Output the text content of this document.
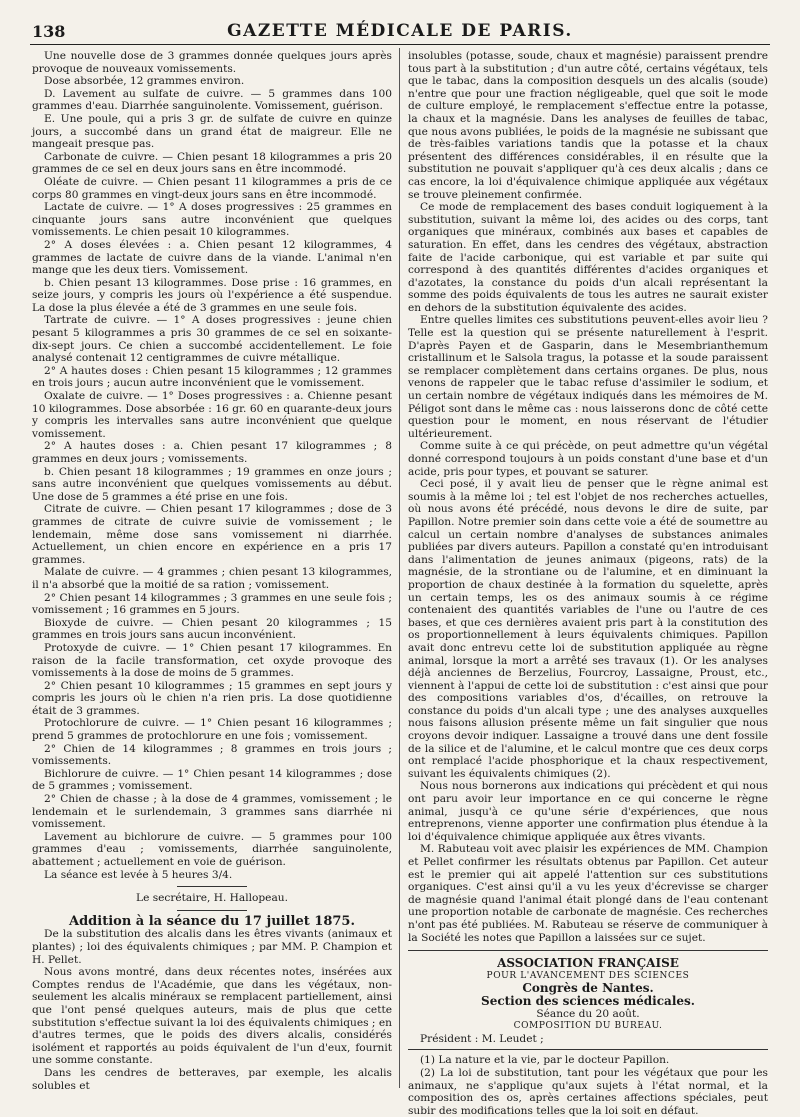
138	GAZETTE MÉDICALE DE PARIS.

Une nouvelle dose de 3 grammes donnée quelques jours après provoque de nouveaux vomissements.

Dose absorbée, 12 grammes environ.

D. Lavement au sulfate de cuivre. — 5 grammes dans 100 grammes d'eau. Diarrhée sanguinolente. Vomissement, guérison.

E. Une poule, qui a pris 3 gr. de sulfate de cuivre en quinze jours, a succombé dans un grand état de maigreur. Elle ne mangeait presque pas.

Carbonate de cuivre. — Chien pesant 18 kilogrammes a pris 20 grammes de ce sel en deux jours sans en être incommodé.

Oléate de cuivre. — Chien pesant 11 kilogrammes a pris de ce corps 80 grammes en vingt-deux jours sans en être incommodé.

Lactate de cuivre. — 1° A doses progressives : 25 grammes en cinquante jours sans autre inconvénient que quelques vomissements. Le chien pesait 10 kilogrammes.

2° A doses élevées : a. Chien pesant 12 kilogrammes, 4 grammes de lactate de cuivre dans de la viande. L'animal n'en mange que les deux tiers. Vomissement.

b. Chien pesant 13 kilogrammes. Dose prise : 16 grammes, en seize jours, y compris les jours où l'expérience a été suspendue. La dose la plus élevée a été de 3 grammes en une seule fois.

Tartrate de cuivre. — 1° A doses progressives : jeune chien pesant 5 kilogrammes a pris 30 grammes de ce sel en soixante-dix-sept jours. Ce chien a succombé accidentellement. Le foie analysé contenait 12 centigrammes de cuivre métallique.

2° A hautes doses : Chien pesant 15 kilogrammes ; 12 grammes en trois jours ; aucun autre inconvénient que le vomissement.

Oxalate de cuivre. — 1° Doses progressives : a. Chienne pesant 10 kilogrammes. Dose absorbée : 16 gr. 60 en quarante-deux jours y compris les intervalles sans autre inconvénient que quelque vomissement.

2° A hautes doses : a. Chien pesant 17 kilogrammes ; 8 grammes en deux jours ; vomissements.

b. Chien pesant 18 kilogrammes ; 19 grammes en onze jours ; sans autre inconvénient que quelques vomissements au début. Une dose de 5 grammes a été prise en une fois.

Citrate de cuivre. — Chien pesant 17 kilogrammes ; dose de 3 grammes de citrate de cuivre suivie de vomissement ; le lendemain, même dose sans vomissement ni diarrhée. Actuellement, un chien encore en expérience en a pris 17 grammes.

Malate de cuivre. — 4 grammes ; chien pesant 13 kilogrammes, il n'a absorbé que la moitié de sa ration ; vomissement.

2° Chien pesant 14 kilogrammes ; 3 grammes en une seule fois ; vomissement ; 16 grammes en 5 jours.

Bioxyde de cuivre. — Chien pesant 20 kilogrammes ; 15 grammes en trois jours sans aucun inconvénient.

Protoxyde de cuivre. — 1° Chien pesant 17 kilogrammes. En raison de la facile transformation, cet oxyde provoque des vomissements à la dose de moins de 5 grammes.

2° Chien pesant 10 kilogrammes ; 15 grammes en sept jours y compris les jours où le chien n'a rien pris. La dose quotidienne était de 3 grammes.

Protochlorure de cuivre. — 1° Chien pesant 16 kilogrammes ; prend 5 grammes de protochlorure en une fois ; vomissement.

2° Chien de 14 kilogrammes ; 8 grammes en trois jours ; vomissements.

Bichlorure de cuivre. — 1° Chien pesant 14 kilogrammes ; dose de 5 grammes ; vomissement.

2° Chien de chasse ; à la dose de 4 grammes, vomissement ; le lendemain et le surlendemain, 3 grammes sans diarrhée ni vomissement.

Lavement au bichlorure de cuivre. — 5 grammes pour 100 grammes d'eau ; vomissements, diarrhée sanguinolente, abattement ; actuellement en voie de guérison.

La séance est levée à 5 heures 3/4.

Le secrétaire, H. Hallopeau.

Addition à la séance du 17 juillet 1875.

De la substitution des alcalis dans les êtres vivants (animaux et plantes) ; loi des équivalents chimiques ; par MM. P. Champion et H. Pellet.

Nous avons montré, dans deux récentes notes, insérées aux Comptes rendus de l'Académie, que dans les végétaux, non-seulement les alcalis minéraux se remplacent partiellement, ainsi que l'ont pensé quelques auteurs, mais de plus que cette substitution s'effectue suivant la loi des équivalents chimiques ; en d'autres termes, que le poids des divers alcalis, considérés isolément et rapportés au poids équivalent de l'un d'eux, fournit une somme constante.

Dans les cendres de betteraves, par exemple, les alcalis solubles et

insolubles (potasse, soude, chaux et magnésie) paraissent prendre tous part à la substitution ; d'un autre côté, certains végétaux, tels que le tabac, dans la composition desquels un des alcalis (soude) n'entre que pour une fraction négligeable, quel que soit le mode de culture employé, le remplacement s'effectue entre la potasse, la chaux et la magnésie. Dans les analyses de feuilles de tabac, que nous avons publiées, le poids de la magnésie ne subissant que de très-faibles variations tandis que la potasse et la chaux présentent des différences considérables, il en résulte que la substitution ne pouvait s'appliquer qu'à ces deux alcalis ; dans ce cas encore, la loi d'équivalence chimique appliquée aux végétaux se trouve pleinement confirmée.

Ce mode de remplacement des bases conduit logiquement à la substitution, suivant la même loi, des acides ou des corps, tant organiques que minéraux, combinés aux bases et capables de saturation. En effet, dans les cendres des végétaux, abstraction faite de l'acide carbonique, qui est variable et par suite qui correspond à des quantités différentes d'acides organiques et d'azotates, la constance du poids d'un alcali représentant la somme des poids équivalents de tous les autres ne saurait exister en dehors de la substitution équivalente des acides.

Entre quelles limites ces substitutions peuvent-elles avoir lieu ? Telle est la question qui se présente naturellement à l'esprit. D'après Payen et de Gasparin, dans le Mesembrianthemum cristallinum et le Salsola tragus, la potasse et la soude paraissent se remplacer complètement dans certains organes. De plus, nous venons de rappeler que le tabac refuse d'assimiler le sodium, et un certain nombre de végétaux indiqués dans les mémoires de M. Péligot sont dans le même cas : nous laisserons donc de côté cette question pour le moment, en nous réservant de l'étudier ultérieurement.

Comme suite à ce qui précède, on peut admettre qu'un végétal donné correspond toujours à un poids constant d'une base et d'un acide, pris pour types, et pouvant se saturer.

Ceci posé, il y avait lieu de penser que le règne animal est soumis à la même loi ; tel est l'objet de nos recherches actuelles, où nous avons été précédé, nous devons le dire de suite, par Papillon. Notre premier soin dans cette voie a été de soumettre au calcul un certain nombre d'analyses de substances animales publiées par divers auteurs. Papillon a constaté qu'en introduisant dans l'alimentation de jeunes animaux (pigeons, rats) de la magnésie, de la strontiane ou de l'alumine, et en diminuant la proportion de chaux destinée à la formation du squelette, après un certain temps, les os des animaux soumis à ce régime contenaient des quantités variables de l'une ou l'autre de ces bases, et que ces dernières avaient pris part à la constitution des os proportionnellement à leurs équivalents chimiques. Papillon avait donc entrevu cette loi de substitution appliquée au règne animal, lorsque la mort a arrêté ses travaux (1). Or les analyses déjà anciennes de Berzelius, Fourcroy, Lassaigne, Proust, etc., viennent à l'appui de cette loi de substitution : c'est ainsi que pour des compositions variables d'os, d'écailles, on retrouve la constance du poids d'un alcali type ; une des analyses auxquelles nous faisons allusion présente même un fait singulier que nous croyons devoir indiquer. Lassaigne a trouvé dans une dent fossile de la silice et de l'alumine, et le calcul montre que ces deux corps ont remplacé l'acide phosphorique et la chaux respectivement, suivant les équivalents chimiques (2).

Nous nous bornerons aux indications qui précèdent et qui nous ont paru avoir leur importance en ce qui concerne le règne animal, jusqu'à ce qu'une série d'expériences, que nous entreprenons, vienne apporter une confirmation plus étendue à la loi d'équivalence chimique appliquée aux êtres vivants.

M. Rabuteau voit avec plaisir les expériences de MM. Champion et Pellet confirmer les résultats obtenus par Papillon. Cet auteur est le premier qui ait appelé l'attention sur ces substitutions organiques. C'est ainsi qu'il a vu les yeux d'écrevisse se charger de magnésie quand l'animal était plongé dans de l'eau contenant une proportion notable de carbonate de magnésie. Ces recherches n'ont pas été publiées. M. Rabuteau se réserve de communiquer à la Société les notes que Papillon a laissées sur ce sujet.

ASSOCIATION FRANÇAISE

POUR L'AVANCEMENT DES SCIENCES

Congrès de Nantes.

Section des sciences médicales.

Séance du 20 août.

COMPOSITION DU BUREAU.

Président : M. Leudet ;

(1) La nature et la vie, par le docteur Papillon.

(2) La loi de substitution, tant pour les végétaux que pour les animaux, ne s'applique qu'aux sujets à l'état normal, et la composition des os, après certaines affections spéciales, peut subir des modifications telles que la loi soit en défaut.
